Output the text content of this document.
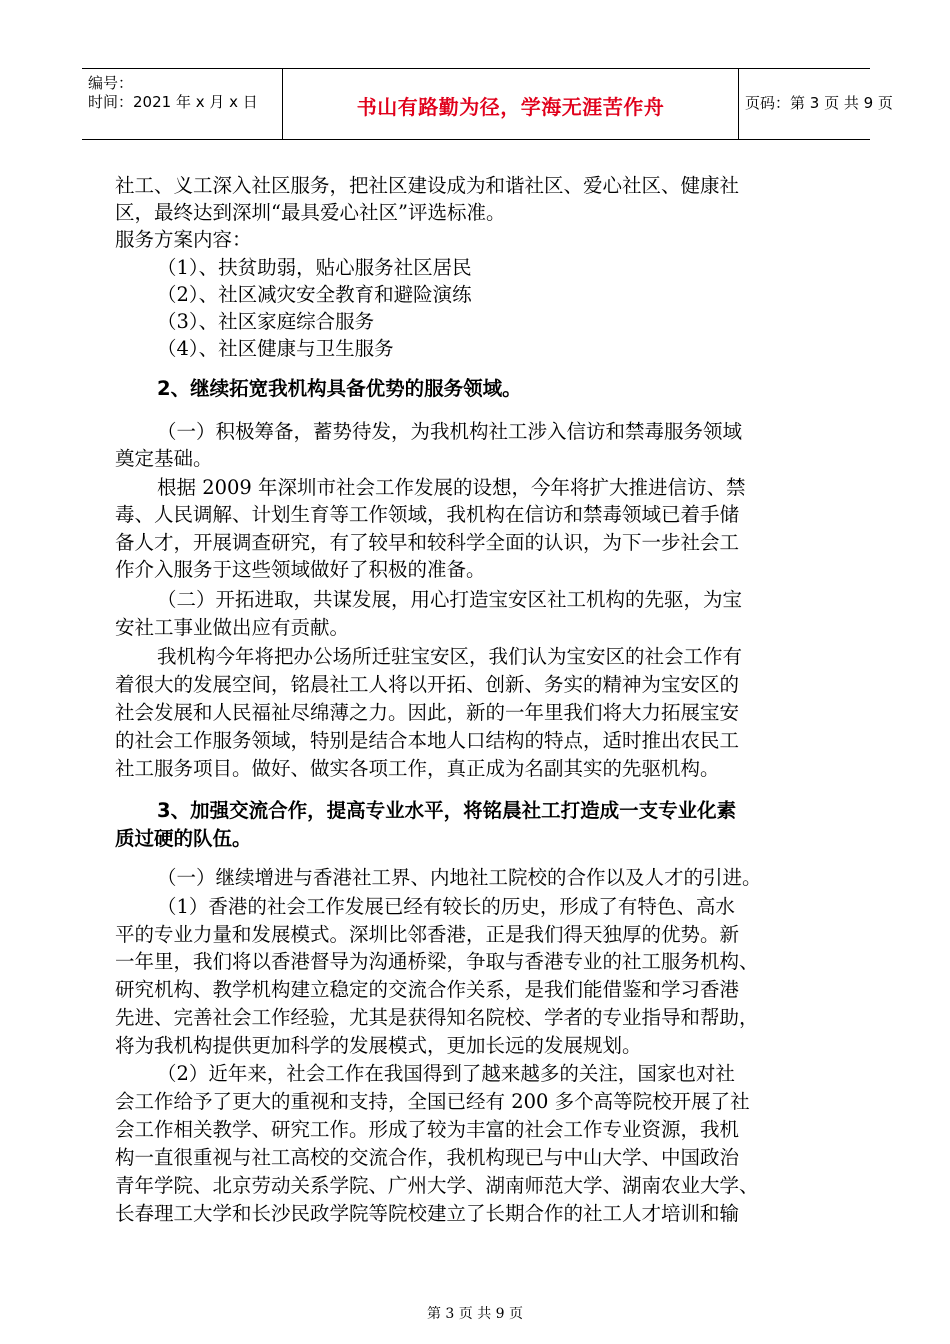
编号：
时间：2021 年 x 月 x 日	书山有路勤为径，学海无涯苦作舟	页码：第 3 页 共 9 页
社工、义工深入社区服务，把社区建设成为和谐社区、爱心社区、健康社
区，最终达到深圳“最具爱心社区”评选标准。
服务方案内容：
（1）、扶贫助弱，贴心服务社区居民
（2）、社区减灾安全教育和避险演练
（3）、社区家庭综合服务
（4）、社区健康与卫生服务
2、继续拓宽我机构具备优势的服务领域。
（一）积极筹备，蓄势待发，为我机构社工涉入信访和禁毒服务领域
奠定基础。
根据 2009 年深圳市社会工作发展的设想，今年将扩大推进信访、禁
毒、人民调解、计划生育等工作领域，我机构在信访和禁毒领域已着手储
备人才，开展调查研究，有了较早和较科学全面的认识，为下一步社会工
作介入服务于这些领域做好了积极的准备。
（二）开拓进取，共谋发展，用心打造宝安区社工机构的先驱，为宝
安社工事业做出应有贡献。
我机构今年将把办公场所迁驻宝安区，我们认为宝安区的社会工作有
着很大的发展空间，铭晨社工人将以开拓、创新、务实的精神为宝安区的
社会发展和人民福祉尽绵薄之力。因此，新的一年里我们将大力拓展宝安
的社会工作服务领域，特别是结合本地人口结构的特点，适时推出农民工
社工服务项目。做好、做实各项工作，真正成为名副其实的先驱机构。
3、加强交流合作，提高专业水平，将铭晨社工打造成一支专业化素
质过硬的队伍。
（一）继续增进与香港社工界、内地社工院校的合作以及人才的引进。
（1）香港的社会工作发展已经有较长的历史，形成了有特色、高水
平的专业力量和发展模式。深圳比邻香港，正是我们得天独厚的优势。新
一年里，我们将以香港督导为沟通桥梁，争取与香港专业的社工服务机构、
研究机构、教学机构建立稳定的交流合作关系，是我们能借鉴和学习香港
先进、完善社会工作经验，尤其是获得知名院校、学者的专业指导和帮助，
将为我机构提供更加科学的发展模式，更加长远的发展规划。
（2）近年来，社会工作在我国得到了越来越多的关注，国家也对社
会工作给予了更大的重视和支持，全国已经有 200 多个高等院校开展了社
会工作相关教学、研究工作。形成了较为丰富的社会工作专业资源，我机
构一直很重视与社工高校的交流合作，我机构现已与中山大学、中国政治
青年学院、北京劳动关系学院、广州大学、湖南师范大学、湖南农业大学、
长春理工大学和长沙民政学院等院校建立了长期合作的社工人才培训和输
第 3 页 共 9 页
